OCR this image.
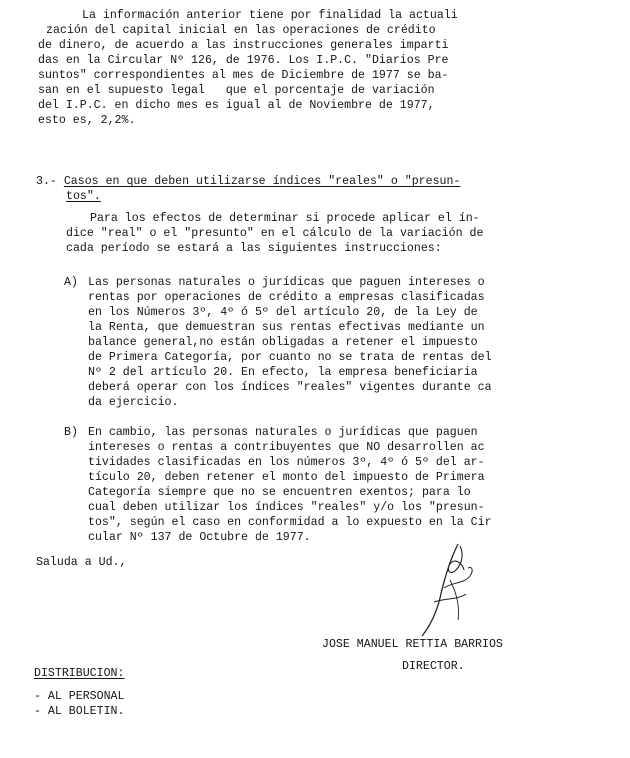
La información anterior tiene por finalidad la actuali
zación del capital inicial en las operaciones de crédito
de dinero, de acuerdo a las instrucciones generales imparti
das en la Circular Nº 126, de 1976. Los I.P.C. "Diarios Pre
suntos" correspondientes al mes de Diciembre de 1977 se ba-
san en el supuesto legal   que el porcentaje de variación
del I.P.C. en dicho mes es igual al de Noviembre de 1977,
esto es, 2,2%.
3.- Casos en que deben utilizarse índices "reales" o "presun-
tos".
Para los efectos de determinar si procede aplicar el ín-
dice "real" o el "presunto" en el cálculo de la variación de
cada período se estará a las siguientes instrucciones:
A) Las personas naturales o jurídicas que paguen intereses o
rentas por operaciones de crédito a empresas clasificadas
en los Números 3º, 4º ó 5º del artículo 20, de la Ley de
la Renta, que demuestran sus rentas efectivas mediante un
balance general,no están obligadas a retener el impuesto
de Primera Categoría, por cuanto no se trata de rentas del
Nº 2 del artículo 20. En efecto, la empresa beneficiaria
deberá operar con los índices "reales" vigentes durante ca
da ejercicio.
B) En cambio, las personas naturales o jurídicas que paguen
intereses o rentas a contribuyentes que NO desarrollen ac
tividades clasificadas en los números 3º, 4º ó 5º del ar-
tículo 20, deben retener el monto del impuesto de Primera
Categoría siempre que no se encuentren exentos; para lo
cual deben utilizar los índices "reales" y/o los "presun-
tos", según el caso en conformidad a lo expuesto en la Cir
cular Nº 137 de Octubre de 1977.
Saluda a Ud.,
JOSE MANUEL RETTIA BARRIOS
DIRECTOR.
DISTRIBUCION:
- AL PERSONAL
- AL BOLETIN.
